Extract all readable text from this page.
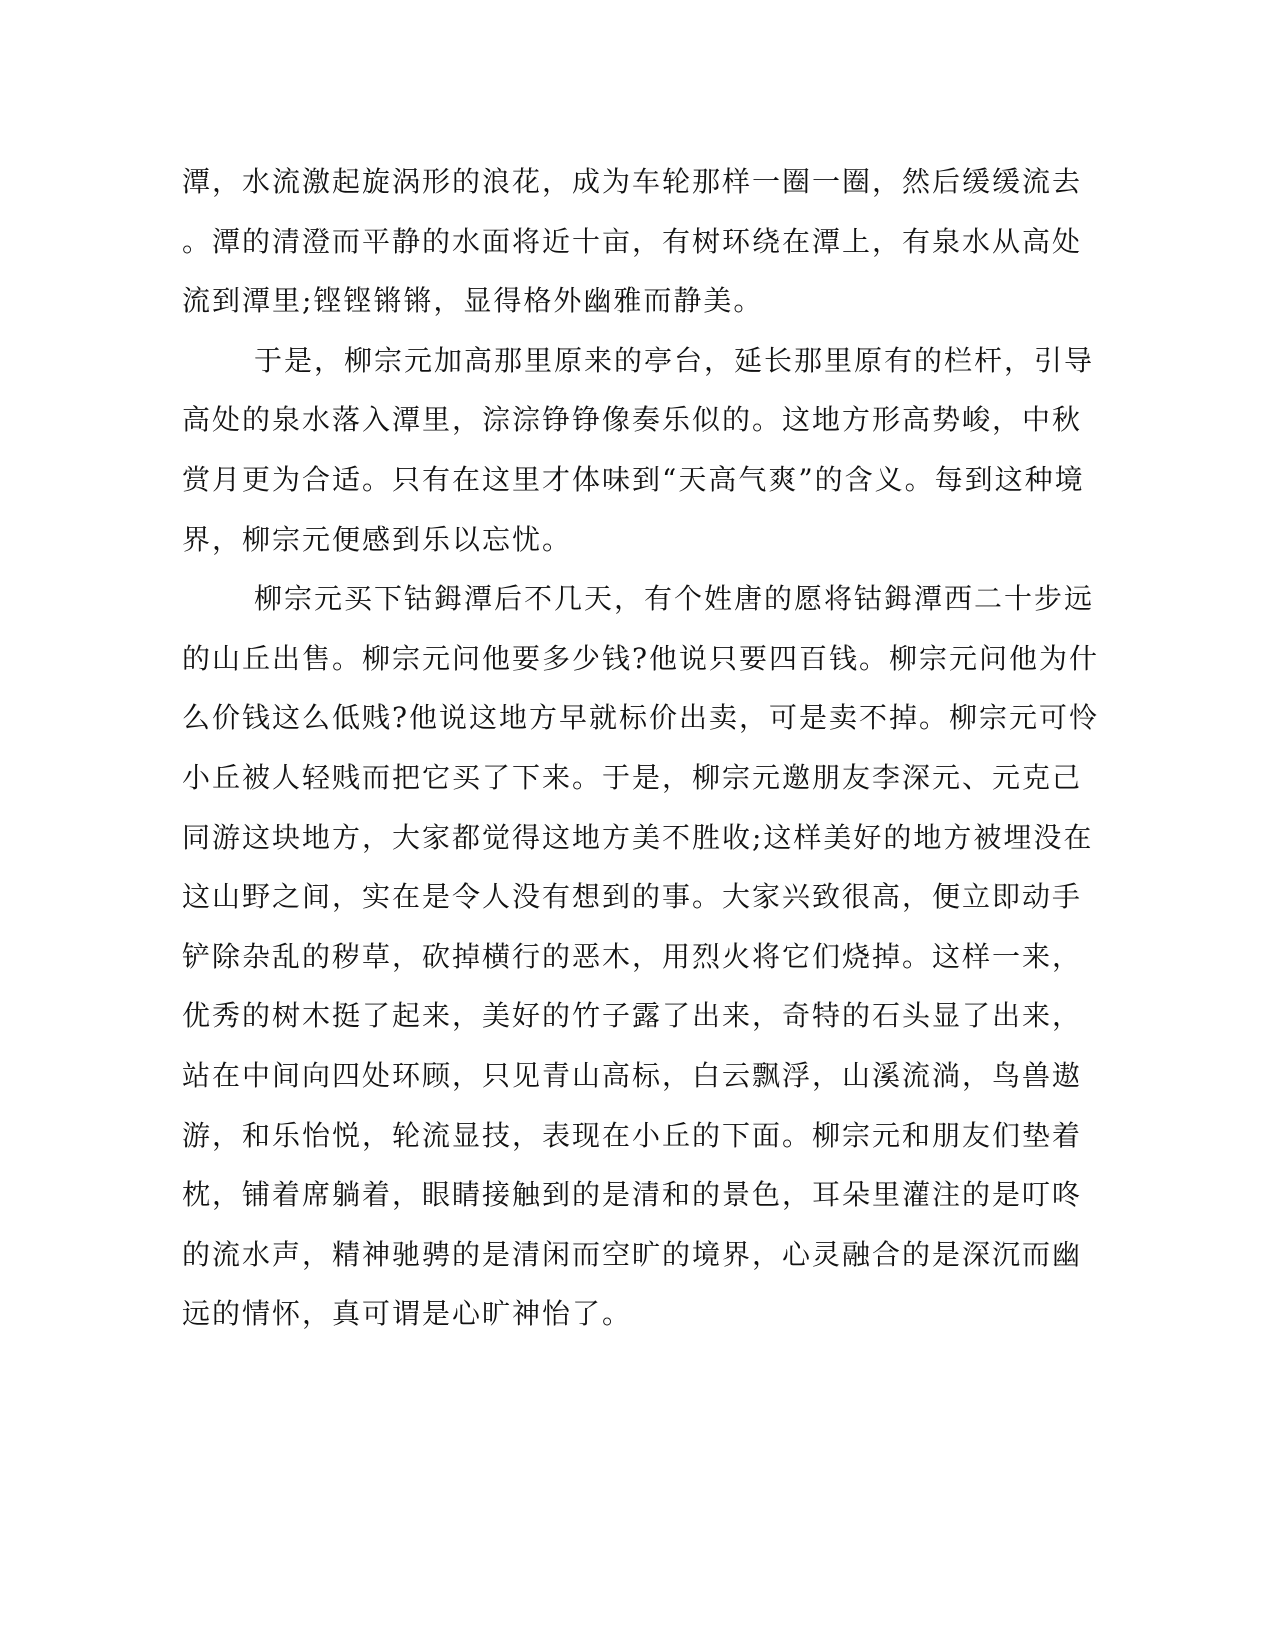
潭，水流激起旋涡形的浪花，成为车轮那样一圈一圈，然后缓缓流去
。潭的清澄而平静的水面将近十亩，有树环绕在潭上，有泉水从高处
流到潭里;铿铿锵锵，显得格外幽雅而静美。
于是，柳宗元加高那里原来的亭台，延长那里原有的栏杆，引导
高处的泉水落入潭里，淙淙铮铮像奏乐似的。这地方形高势峻，中秋
赏月更为合适。只有在这里才体味到“天高气爽”的含义。每到这种境
界，柳宗元便感到乐以忘忧。
柳宗元买下钴鉧潭后不几天，有个姓唐的愿将钴鉧潭西二十步远
的山丘出售。柳宗元问他要多少钱?他说只要四百钱。柳宗元问他为什
么价钱这么低贱?他说这地方早就标价出卖，可是卖不掉。柳宗元可怜
小丘被人轻贱而把它买了下来。于是，柳宗元邀朋友李深元、元克己
同游这块地方，大家都觉得这地方美不胜收;这样美好的地方被埋没在
这山野之间，实在是令人没有想到的事。大家兴致很高，便立即动手
铲除杂乱的秽草，砍掉横行的恶木，用烈火将它们烧掉。这样一来，
优秀的树木挺了起来，美好的竹子露了出来，奇特的石头显了出来，
站在中间向四处环顾，只见青山高标，白云飘浮，山溪流淌，鸟兽遨
游，和乐怡悦，轮流显技，表现在小丘的下面。柳宗元和朋友们垫着
枕，铺着席躺着，眼睛接触到的是清和的景色，耳朵里灌注的是叮咚
的流水声，精神驰骋的是清闲而空旷的境界，心灵融合的是深沉而幽
远的情怀，真可谓是心旷神怡了。
